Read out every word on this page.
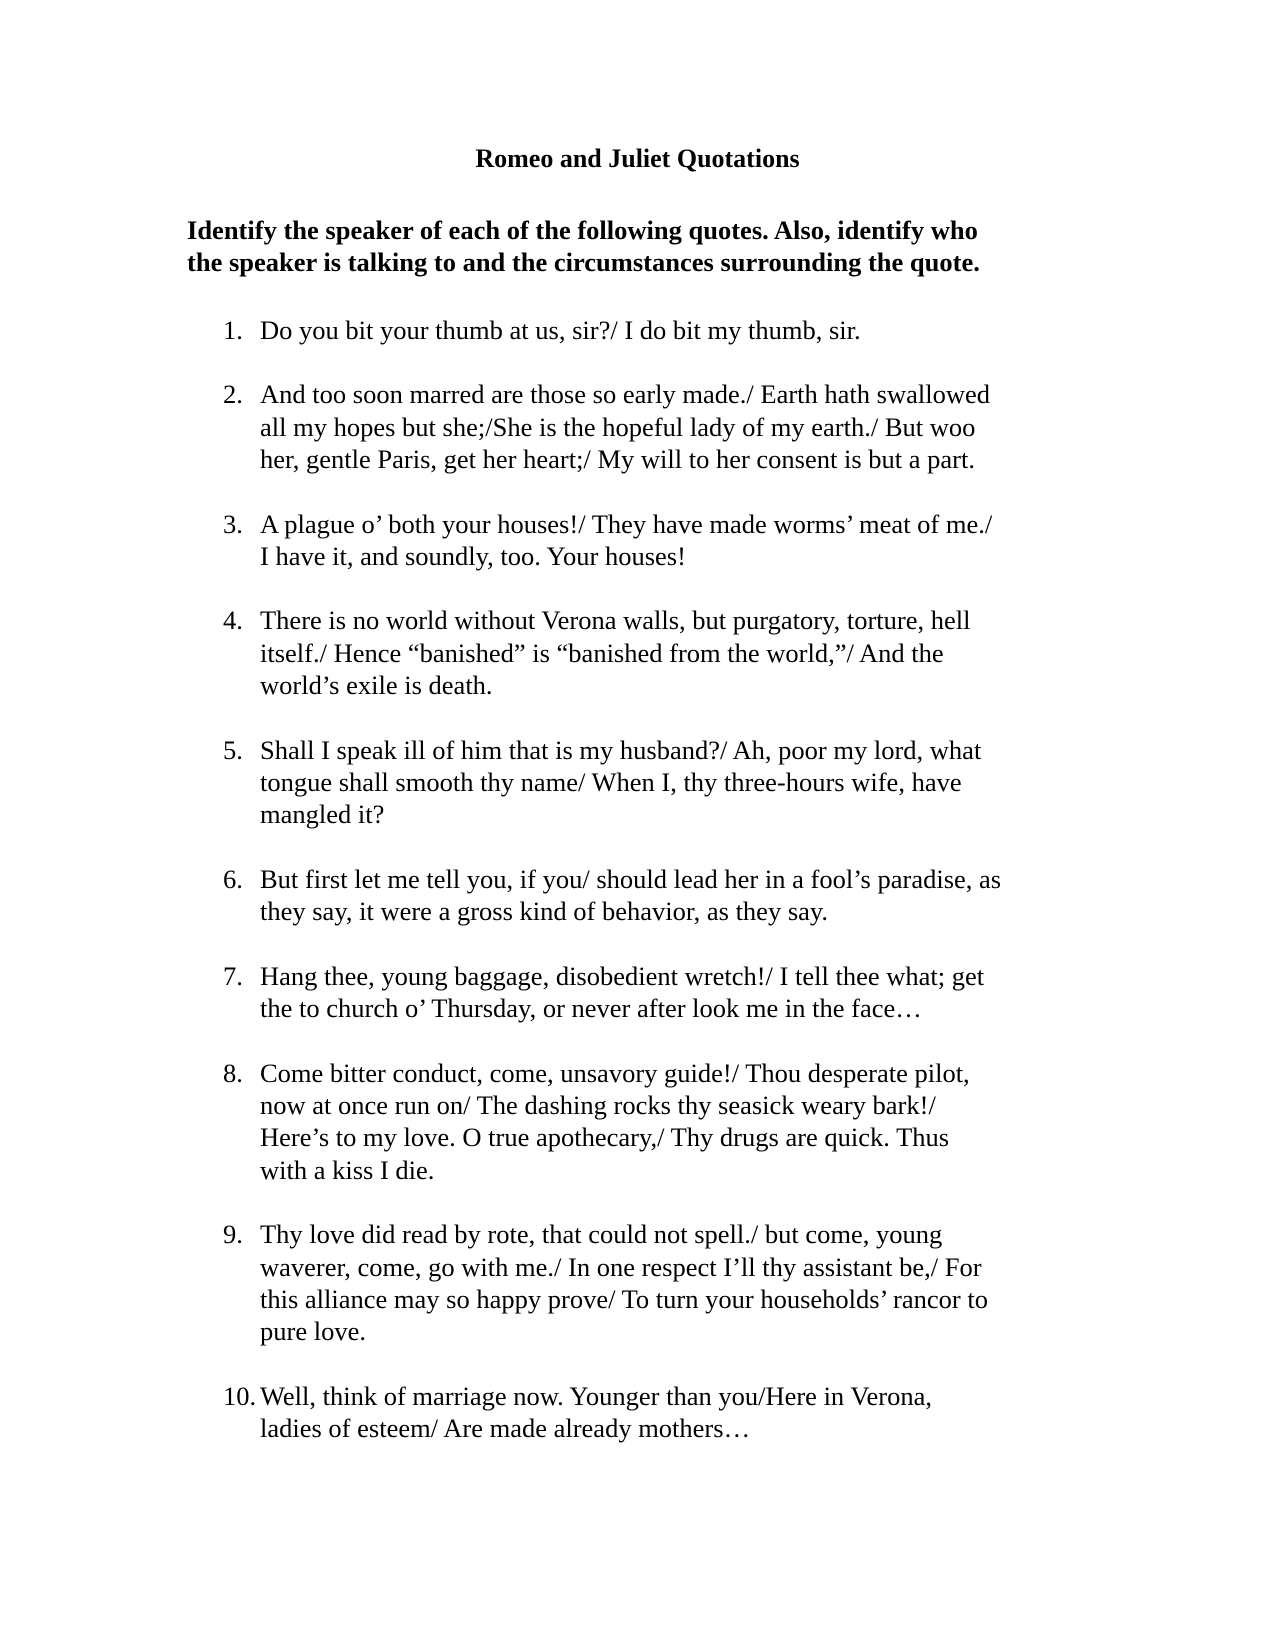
Romeo and Juliet Quotations

Identify the speaker of each of the following quotes. Also, identify who
the speaker is talking to and the circumstances surrounding the quote.

1. Do you bit your thumb at us, sir?/ I do bit my thumb, sir.
2. And too soon marred are those so early made./ Earth hath swallowed
all my hopes but she;/She is the hopeful lady of my earth./ But woo
her, gentle Paris, get her heart;/ My will to her consent is but a part.
3. A plague o’ both your houses!/ They have made worms’ meat of me./
I have it, and soundly, too. Your houses!
4. There is no world without Verona walls, but purgatory, torture, hell
itself./ Hence “banished” is “banished from the world,”/ And the
world’s exile is death.
5. Shall I speak ill of him that is my husband?/ Ah, poor my lord, what
tongue shall smooth thy name/ When I, thy three-hours wife, have
mangled it?
6. But first let me tell you, if you/ should lead her in a fool’s paradise, as
they say, it were a gross kind of behavior, as they say.
7. Hang thee, young baggage, disobedient wretch!/ I tell thee what; get
the to church o’ Thursday, or never after look me in the face…
8. Come bitter conduct, come, unsavory guide!/ Thou desperate pilot,
now at once run on/ The dashing rocks thy seasick weary bark!/
Here’s to my love. O true apothecary,/ Thy drugs are quick. Thus
with a kiss I die.
9. Thy love did read by rote, that could not spell./ but come, young
waverer, come, go with me./ In one respect I’ll thy assistant be,/ For
this alliance may so happy prove/ To turn your households’ rancor to
pure love.
10. Well, think of marriage now. Younger than you/Here in Verona,
ladies of esteem/ Are made already mothers…
